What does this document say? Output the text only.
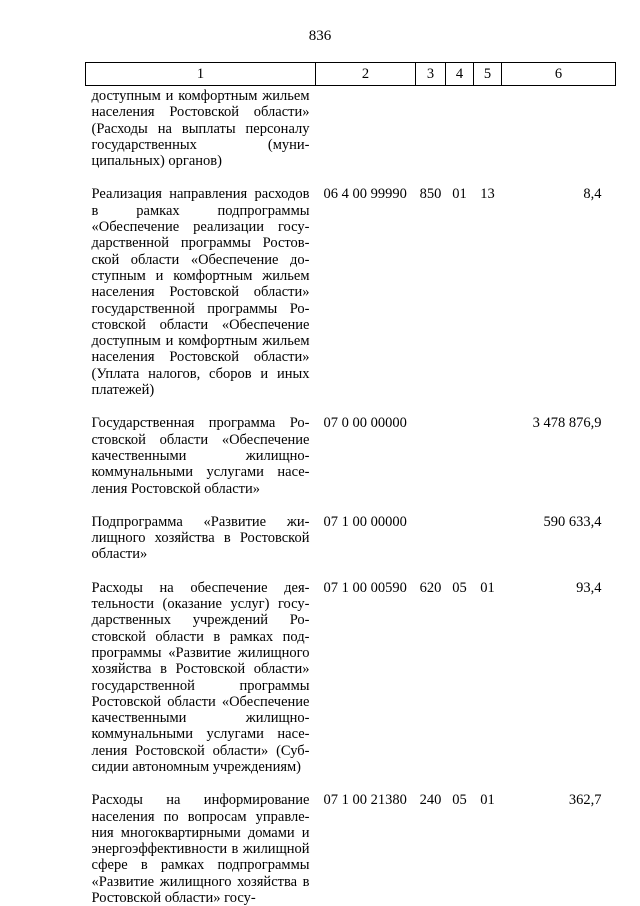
836
1	2	3	4	5	6
доступным и комфортным жильем населения Ростовской области» (Расходы на выплаты персоналу государственных (муниципальных) органов)					
Реализация направления расходов в рамках подпрограммы «Обеспечение реализации государственной программы Ростовской области «Обеспечение доступным и комфортным жильем населения Ростовской области» государственной программы Ростовской области «Обеспечение доступным и комфортным жильем населения Ростовской области» (Уплата налогов, сборов и иных платежей)	06 4 00 99990	850	01	13	8,4
Государственная программа Ростовской области «Обеспечение качественными жилищно-коммунальными услугами населения Ростовской области»	07 0 00 00000				3 478 876,9
Подпрограмма «Развитие жилищного хозяйства в Ростовской области»	07 1 00 00000				590 633,4
Расходы на обеспечение деятельности (оказание услуг) государственных учреждений Ростовской области в рамках подпрограммы «Развитие жилищного хозяйства в Ростовской области» государственной программы Ростовской области «Обеспечение качественными жилищно-коммунальными услугами населения Ростовской области» (Субсидии автономным учреждениям)	07 1 00 00590	620	05	01	93,4
Расходы на информирование населения по вопросам управления многоквартирными домами и энергоэффективности в жилищной сфере в рамках подпрограммы «Развитие жилищного хозяйства в Ростовской области» госу-	07 1 00 21380	240	05	01	362,7
